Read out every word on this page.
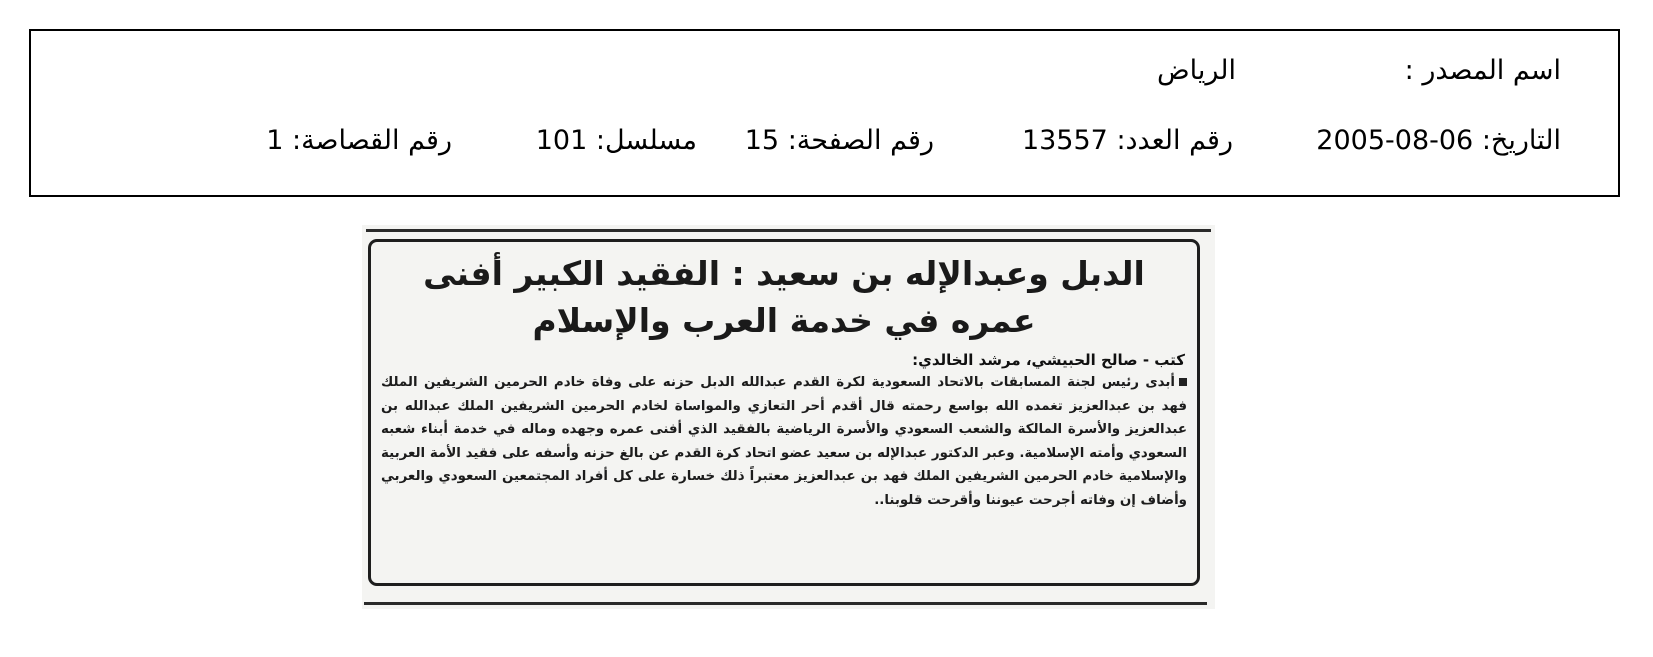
اسم المصدر :
الرياض
التاريخ: 06-08-2005
رقم العدد: 13557
رقم الصفحة: 15
مسلسل: 101
رقم القصاصة: 1
الدبل وعبدالإله بن سعيد : الفقيد الكبير أفنى
عمره في خدمة العرب والإسلام
كتب - صالح الحبيشي، مرشد الخالدي:
أبدى رئيس لجنة المسابقات بالاتحاد السعودية لكرة القدم عبدالله الدبل حزنه على وفاة خادم الحرمين الشريفين الملك فهد بن عبدالعزيز تغمده الله بواسع رحمته قال أقدم أحر التعازي والمواساة لخادم الحرمين الشريفين الملك عبدالله بن عبدالعزيز والأسرة المالكة والشعب السعودي والأسرة الرياضية بالفقيد الذي أفنى عمره وجهده وماله في خدمة أبناء شعبه السعودي وأمته الإسلامية. وعبر الدكتور عبدالإله بن سعيد عضو اتحاد كرة القدم عن بالغ حزنه وأسفه على فقيد الأمة العربية والإسلامية خادم الحرمين الشريفين الملك فهد بن عبدالعزيز معتبراً ذلك خسارة على كل أفراد المجتمعين السعودي والعربي وأضاف إن وفاته أجرحت عيوننا وأقرحت قلوبنا..
